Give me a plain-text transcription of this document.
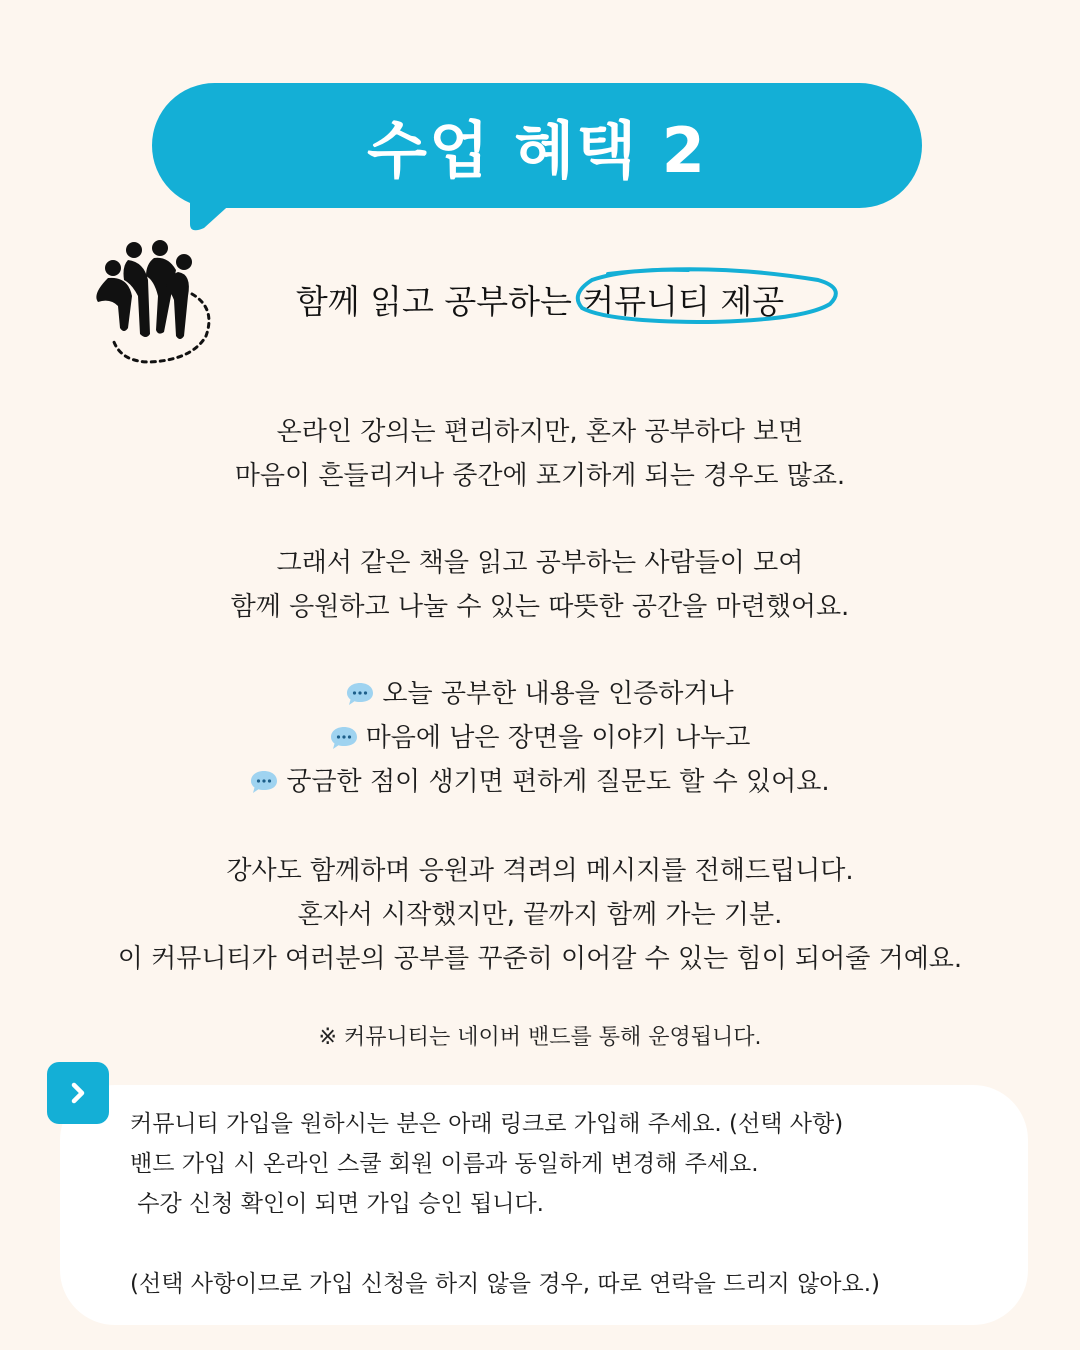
수업 혜택 2
함께 읽고 공부하는
커뮤니티 제공

온라인 강의는 편리하지만, 혼자 공부하다 보면

마음이 흔들리거나 중간에 포기하게 되는 경우도 많죠.

그래서 같은 책을 읽고 공부하는 사람들이 모여

함께 응원하고 나눌 수 있는 따뜻한 공간을 마련했어요.

오늘 공부한 내용을 인증하거나

마음에 남은 장면을 이야기 나누고

궁금한 점이 생기면 편하게 질문도 할 수 있어요.

강사도 함께하며 응원과 격려의 메시지를 전해드립니다.

혼자서 시작했지만, 끝까지 함께 가는 기분.

이 커뮤니티가 여러분의 공부를 꾸준히 이어갈 수 있는 힘이 되어줄 거예요.

※ 커뮤니티는 네이버 밴드를 통해 운영됩니다.

커뮤니티 가입을 원하시는 분은 아래 링크로 가입해 주세요. (선택 사항)

밴드 가입 시 온라인 스쿨 회원 이름과 동일하게 변경해 주세요.

수강 신청 확인이 되면 가입 승인 됩니다.

(선택 사항이므로 가입 신청을 하지 않을 경우, 따로 연락을 드리지 않아요.)
